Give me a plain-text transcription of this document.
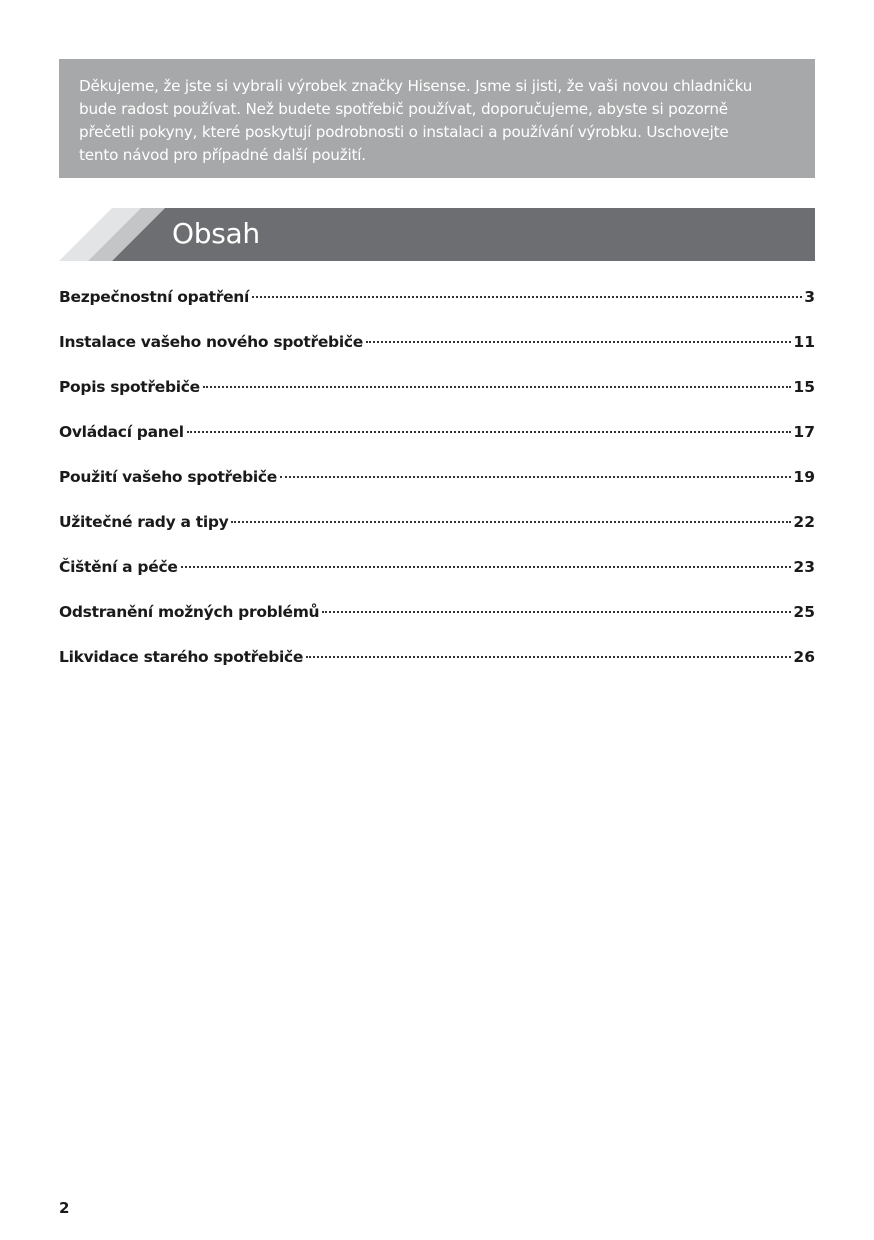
Děkujeme, že jste si vybrali výrobek značky Hisense. Jsme si jisti, že vaši novou chladničku
bude radost používat. Než budete spotřebič používat, doporučujeme, abyste si pozorně
přečetli pokyny, které poskytují podrobnosti o instalaci a používání výrobku. Uschovejte
tento návod pro případné další použití.
Obsah
Bezpečnostní opatření	3
Instalace vašeho nového spotřebiče	11
Popis spotřebiče	15
Ovládací panel	17
Použití vašeho spotřebiče	19
Užitečné rady a tipy	22
Čištění a péče	23
Odstranění možných problémů	25
Likvidace starého spotřebiče	26
2
